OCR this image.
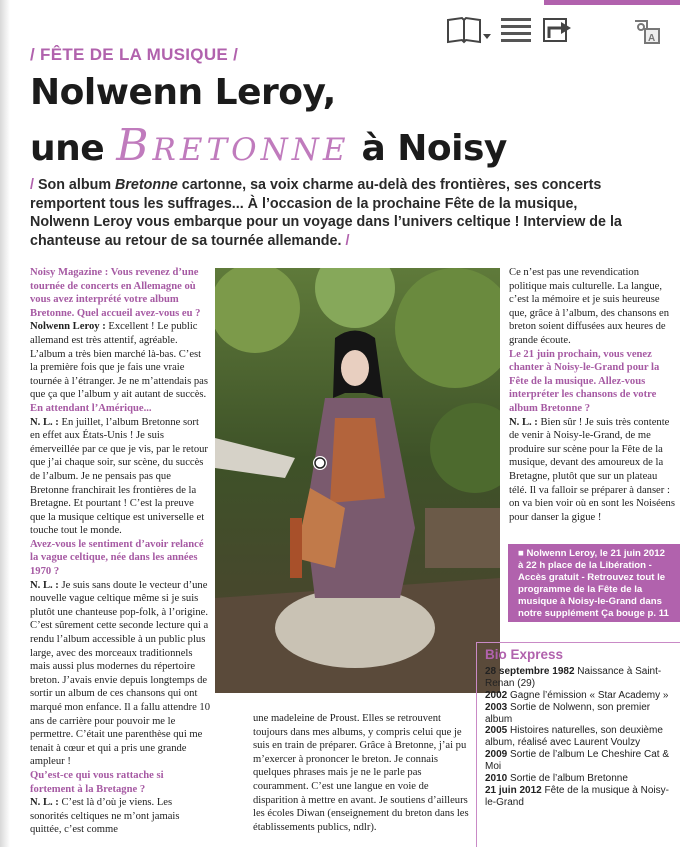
A
/ FÊTE DE LA MUSIQUE /
Nolwenn Leroy,
une Bretonne à Noisy
/ Son album Bretonne cartonne, sa voix charme au-delà des frontières, ses concerts remportent tous les suffrages... À l’occasion de la prochaine Fête de la musique, Nolwenn Leroy vous embarque pour un voyage dans l’univers celtique ! Interview de la chanteuse au retour de sa tournée allemande. /

Noisy Magazine : Vous revenez d’une tournée de concerts en Allemagne où vous avez interprété votre album Bretonne. Quel accueil avez-vous eu ?

Nolwenn Leroy : Excellent ! Le public allemand est très attentif, agréable. L’album a très bien marché là-bas. C’est la première fois que je fais une vraie tournée à l’étranger. Je ne m’attendais pas que ça que l’album y ait autant de succès.

En attendant l’Amérique...

N. L. : En juillet, l’album Bretonne sort en effet aux États-Unis ! Je suis émerveillée par ce que je vis, par le retour que j’ai chaque soir, sur scène, du succès de l’album. Je ne pensais pas que Bretonne franchirait les frontières de la Bretagne. Et pourtant ! C’est la preuve que la musique celtique est universelle et touche tout le monde.

Avez-vous le sentiment d’avoir relancé la vague celtique, née dans les années 1970 ?

N. L. : Je suis sans doute le vecteur d’une nouvelle vague celtique même si je suis plutôt une chanteuse pop-folk, à l’origine. C’est sûrement cette seconde lecture qui a rendu l’album accessible à un public plus large, avec des morceaux traditionnels mais aussi plus modernes du répertoire breton. J’avais envie depuis longtemps de sortir un album de ces chansons qui ont marqué mon enfance. Il a fallu attendre 10 ans de carrière pour pouvoir me le permettre. C’était une parenthèse qui me tenait à cœur et qui a pris une grande ampleur !

Qu’est-ce qui vous rattache si fortement à la Bretagne ?

N. L. : C’est là d’où je viens. Les sonorités celtiques ne m’ont jamais quittée, c’est comme

une madeleine de Proust. Elles se retrouvent toujours dans mes albums, y compris celui que je suis en train de préparer. Grâce à Bretonne, j’ai pu m’exercer à prononcer le breton. Je connais quelques phrases mais je ne le parle pas couramment. C’est une langue en voie de disparition à mettre en avant. Je soutiens d’ailleurs les écoles Diwan (enseignement du breton dans les établissements publics, ndlr).

Ce n’est pas une revendication politique mais culturelle. La langue, c’est la mémoire et je suis heureuse que, grâce à l’album, des chansons en breton soient diffusées aux heures de grande écoute.

Le 21 juin prochain, vous venez chanter à Noisy-le-Grand pour la Fête de la musique. Allez-vous interpréter les chansons de votre album Bretonne ?

N. L. : Bien sûr ! Je suis très contente de venir à Noisy-le-Grand, de me produire sur scène pour la Fête de la musique, devant des amoureux de la Bretagne, plutôt que sur un plateau télé. Il va falloir se préparer à danser : on va bien voir où en sont les Noiséens pour danser la gigue !

■ Nolwenn Leroy, le 21 juin 2012 à 22 h place de la Libération - Accès gratuit - Retrouvez tout le programme de la Fête de la musique à Noisy-le-Grand dans notre supplément Ça bouge p. 11
Bio Express
28 septembre 1982 Naissance à Saint-Renan (29)
2002 Gagne l’émission « Star Academy »
2003 Sortie de Nolwenn, son premier album
2005 Histoires naturelles, son deuxième album, réalisé avec Laurent Voulzy
2009 Sortie de l’album Le Cheshire Cat & Moi
2010 Sortie de l’album Bretonne
21 juin 2012 Fête de la musique à Noisy-le-Grand
